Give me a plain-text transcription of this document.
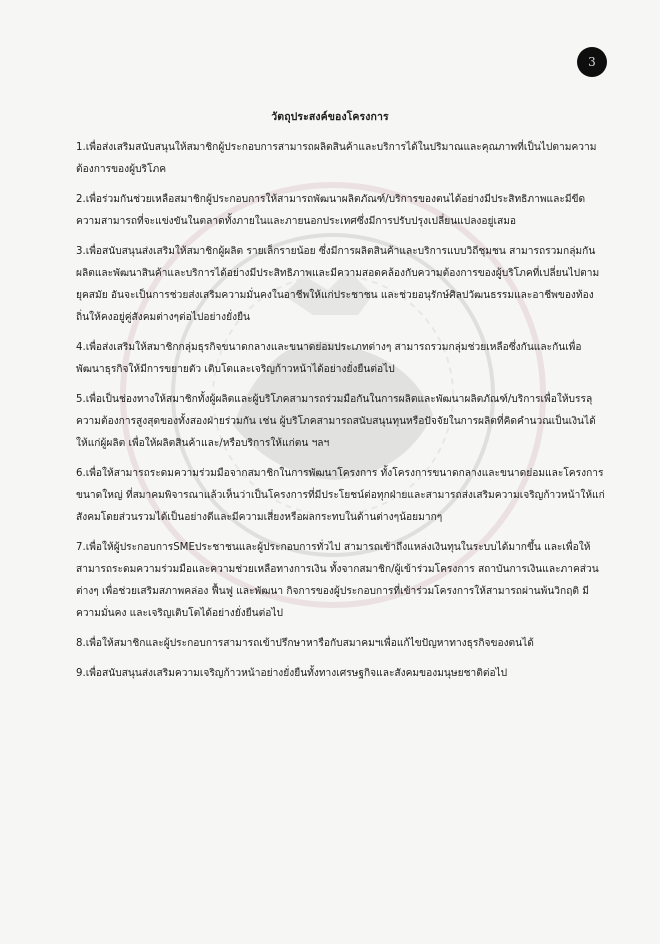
3
วัตถุประสงค์ของโครงการ

1.เพื่อส่งเสริมสนับสนุนให้สมาชิกผู้ประกอบการสามารถผลิตสินค้าและบริการได้ในปริมาณและคุณภาพที่เป็นไปตามความต้องการของผู้บริโภค

2.เพื่อร่วมกันช่วยเหลือสมาชิกผู้ประกอบการให้สามารถพัฒนาผลิตภัณฑ์/บริการของตนได้อย่างมีประสิทธิภาพและมีขีดความสามารถที่จะแข่งขันในตลาดทั้งภายในและภายนอกประเทศซึ่งมีการปรับปรุงเปลี่ยนแปลงอยู่เสมอ

3.เพื่อสนับสนุนส่งเสริมให้สมาชิกผู้ผลิต รายเล็กรายน้อย ซึ่งมีการผลิตสินค้าและบริการแบบวิถีชุมชน สามารถรวมกลุ่มกันผลิตและพัฒนาสินค้าและบริการได้อย่างมีประสิทธิภาพและมีความสอดคล้องกับความต้องการของผู้บริโภคที่เปลี่ยนไปตามยุคสมัย อันจะเป็นการช่วยส่งเสริมความมั่นคงในอาชีพให้แก่ประชาชน และช่วยอนุรักษ์ศิลปวัฒนธรรมและอาชีพของท้องถิ่นให้คงอยู่คู่สังคมต่างๆต่อไปอย่างยั่งยืน

4.เพื่อส่งเสริมให้สมาชิกกลุ่มธุรกิจขนาดกลางและขนาดย่อมประเภทต่างๆ สามารถรวมกลุ่มช่วยเหลือซึ่งกันและกันเพื่อพัฒนาธุรกิจให้มีการขยายตัว เติบโตและเจริญก้าวหน้าได้อย่างยั่งยืนต่อไป

5.เพื่อเป็นช่องทางให้สมาชิกทั้งผู้ผลิตและผู้บริโภคสามารถร่วมมือกันในการผลิตและพัฒนาผลิตภัณฑ์/บริการเพื่อให้บรรลุความต้องการสูงสุดของทั้งสองฝ่ายร่วมกัน เช่น ผู้บริโภคสามารถสนับสนุนทุนหรือปัจจัยในการผลิตที่คิดคำนวณเป็นเงินได้ให้แก่ผู้ผลิต เพื่อให้ผลิตสินค้าและ/หรือบริการให้แก่ตน ฯลฯ

6.เพื่อให้สามารถระดมความร่วมมือจากสมาชิกในการพัฒนาโครงการ ทั้งโครงการขนาดกลางและขนาดย่อมและโครงการขนาดใหญ่ ที่สมาคมพิจารณาแล้วเห็นว่าเป็นโครงการที่มีประโยชน์ต่อทุกฝ่ายและสามารถส่งเสริมความเจริญก้าวหน้าให้แก่สังคมโดยส่วนรวมได้เป็นอย่างดีและมีความเสี่ยงหรือผลกระทบในด้านต่างๆน้อยมากๆ

7.เพื่อให้ผู้ประกอบการSMEประชาชนและผู้ประกอบการทั่วไป สามารถเข้าถึงแหล่งเงินทุนในระบบได้มากขึ้น และเพื่อให้สามารถระดมความร่วมมือและความช่วยเหลือทางการเงิน ทั้งจากสมาชิก/ผู้เข้าร่วมโครงการ สถาบันการเงินและภาคส่วนต่างๆ เพื่อช่วยเสริมสภาพคล่อง ฟื้นฟู และพัฒนา กิจการของผู้ประกอบการที่เข้าร่วมโครงการให้สามารถผ่านพ้นวิกฤติ มีความมั่นคง และเจริญเติบโตได้อย่างยั่งยืนต่อไป

8.เพื่อให้สมาชิกและผู้ประกอบการสามารถเข้าปรึกษาหารือกับสมาคมฯเพื่อแก้ไขปัญหาทางธุรกิจของตนได้

9.เพื่อสนับสนุนส่งเสริมความเจริญก้าวหน้าอย่างยั่งยืนทั้งทางเศรษฐกิจและสังคมของมนุษยชาติต่อไป
